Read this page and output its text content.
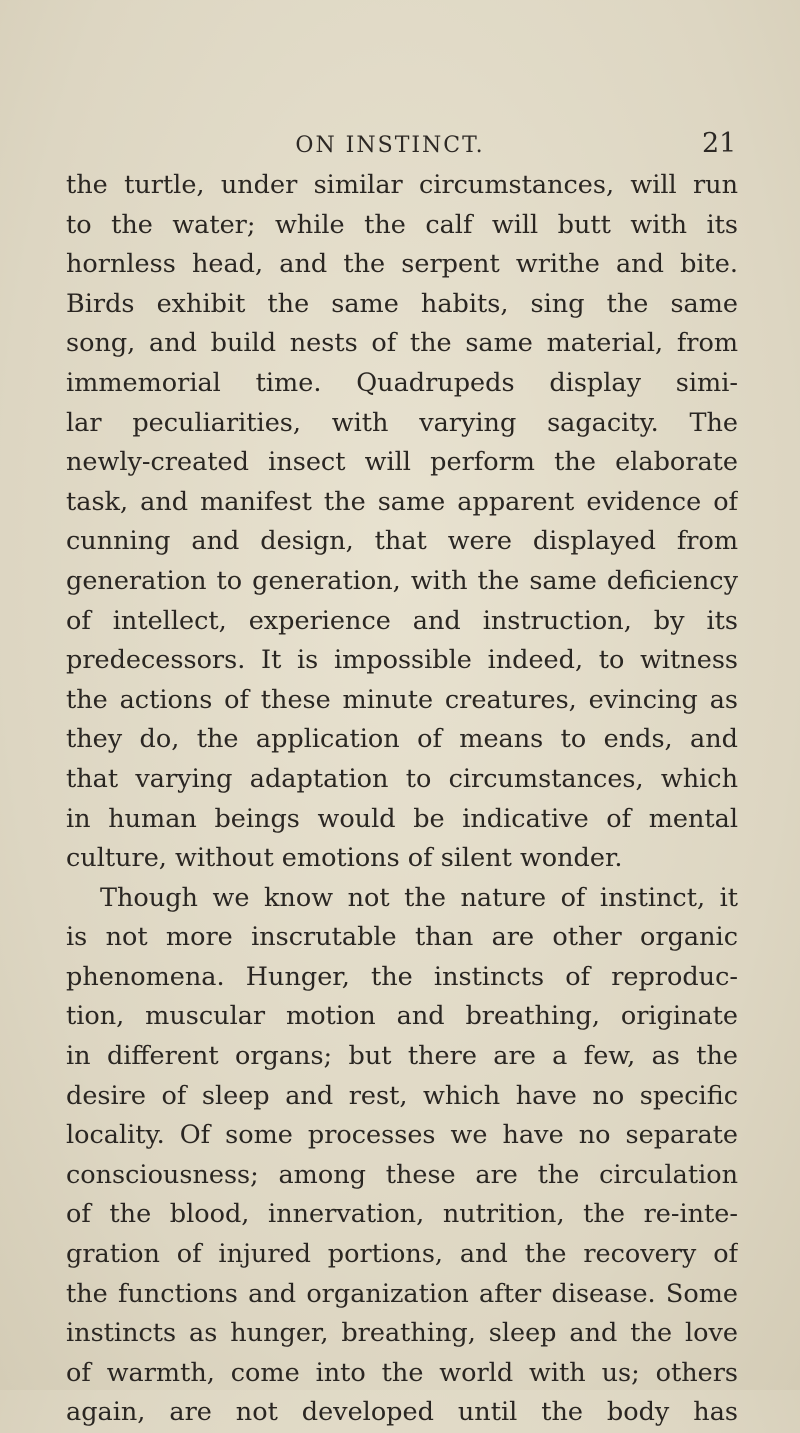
ON INSTINCT.	21
the turtle, under similar circumstances, will run
to the water; while the calf will butt with its
hornless head, and the serpent writhe and bite.
Birds exhibit the same habits, sing the same
song, and build nests of the same material, from
immemorial time. Quadrupeds display simi-
lar peculiarities, with varying sagacity. The
newly-created insect will perform the elaborate
task, and manifest the same apparent evidence of
cunning and design, that were displayed from
generation to generation, with the same deficiency
of intellect, experience and instruction, by its
predecessors. It is impossible indeed, to witness
the actions of these minute creatures, evincing as
they do, the application of means to ends, and
that varying adaptation to circumstances, which
in human beings would be indicative of mental
culture, without emotions of silent wonder.
Though we know not the nature of instinct, it
is not more inscrutable than are other organic
phenomena. Hunger, the instincts of reproduc-
tion, muscular motion and breathing, originate
in different organs; but there are a few, as the
desire of sleep and rest, which have no specific
locality. Of some processes we have no separate
consciousness; among these are the circulation
of the blood, innervation, nutrition, the re-inte-
gration of injured portions, and the recovery of
the functions and organization after disease. Some
instincts as hunger, breathing, sleep and the love
of warmth, come into the world with us; others
again, are not developed until the body has
